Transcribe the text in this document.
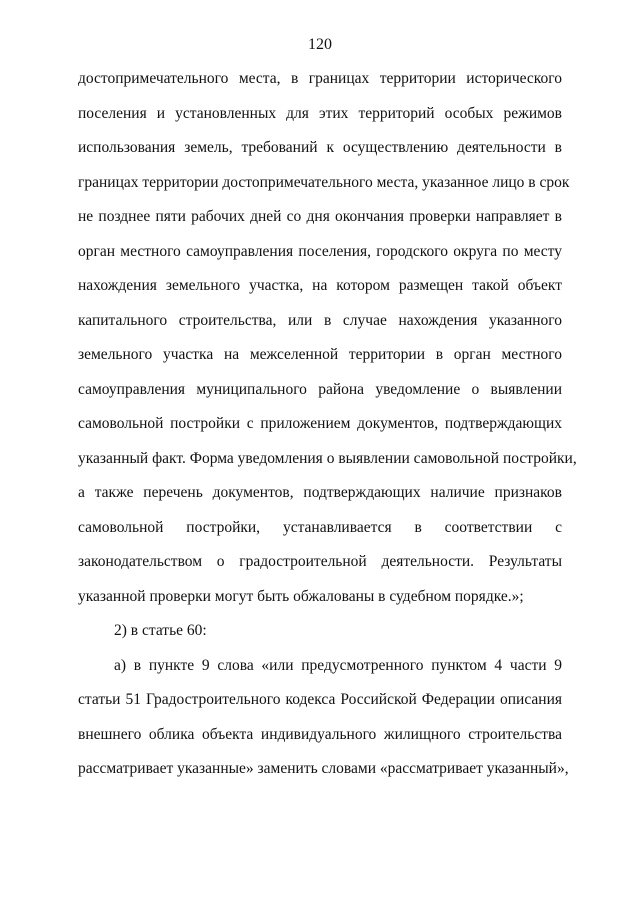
120
достопримечательного места, в границах территории исторического
поселения и установленных для этих территорий особых режимов
использования земель, требований к осуществлению деятельности в
границах территории достопримечательного места, указанное лицо в срок
не позднее пяти рабочих дней со дня окончания проверки направляет в
орган местного самоуправления поселения, городского округа по месту
нахождения земельного участка, на котором размещен такой объект
капитального строительства, или в случае нахождения указанного
земельного участка на межселенной территории в орган местного
самоуправления муниципального района уведомление о выявлении
самовольной постройки с приложением документов, подтверждающих
указанный факт. Форма уведомления о выявлении самовольной постройки,
а также перечень документов, подтверждающих наличие признаков
самовольной постройки, устанавливается в соответствии с
законодательством о градостроительной деятельности. Результаты
указанной проверки могут быть обжалованы в судебном порядке.»;
2) в статье 60:
а) в пункте 9 слова «или предусмотренного пунктом 4 части 9
статьи 51 Градостроительного кодекса Российской Федерации описания
внешнего облика объекта индивидуального жилищного строительства
рассматривает указанные» заменить словами «рассматривает указанный»,
